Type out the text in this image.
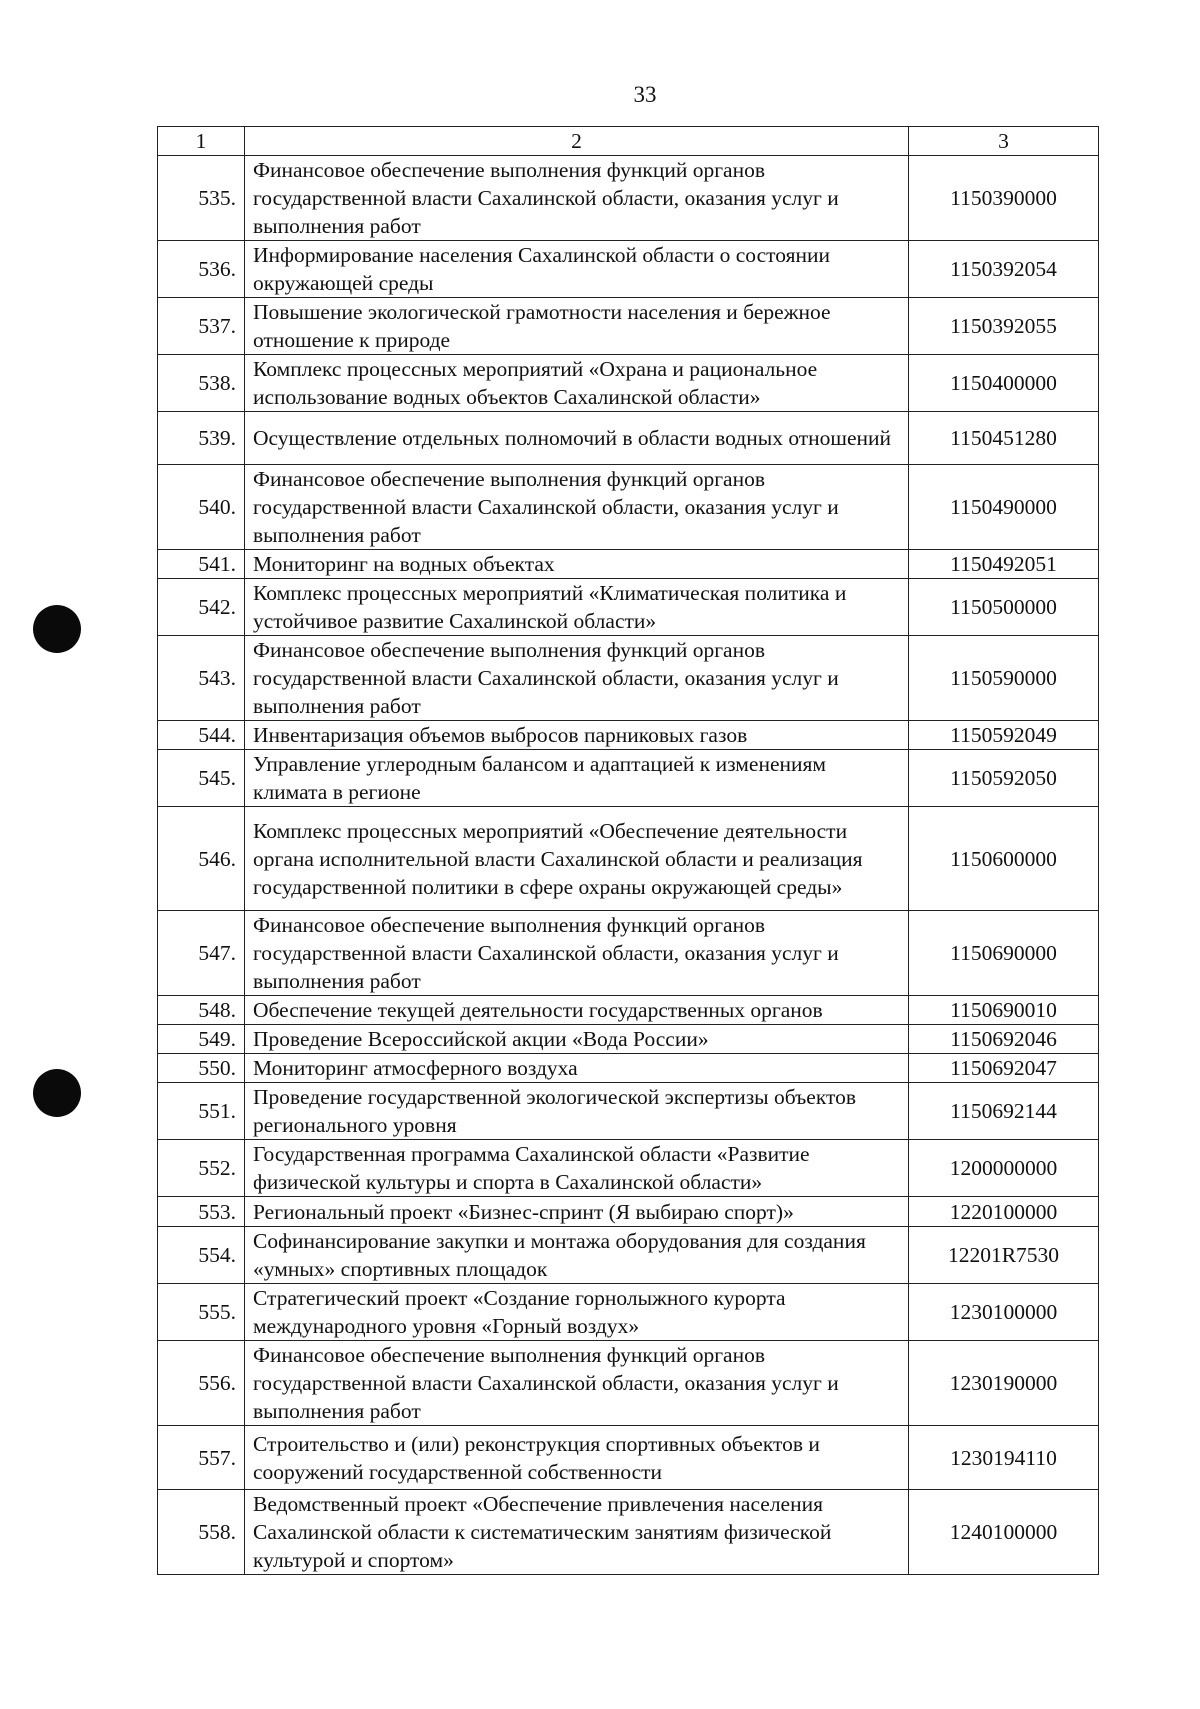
33
1	2	3
535.	Финансовое обеспечение выполнения функций органов государственной власти Сахалинской области, оказания услуг и выполнения работ	1150390000
536.	Информирование населения Сахалинской области о состоянии окружающей среды	1150392054
537.	Повышение экологической грамотности населения и бережное отношение к природе	1150392055
538.	Комплекс процессных мероприятий «Охрана и рациональное использование водных объектов Сахалинской области»	1150400000
539.	Осуществление отдельных полномочий в области водных отношений	1150451280
540.	Финансовое обеспечение выполнения функций органов государственной власти Сахалинской области, оказания услуг и выполнения работ	1150490000
541.	Мониторинг на водных объектах	1150492051
542.	Комплекс процессных мероприятий «Климатическая политика и устойчивое развитие Сахалинской области»	1150500000
543.	Финансовое обеспечение выполнения функций органов государственной власти Сахалинской области, оказания услуг и выполнения работ	1150590000
544.	Инвентаризация объемов выбросов парниковых газов	1150592049
545.	Управление углеродным балансом и адаптацией к изменениям климата в регионе	1150592050
546.	Комплекс процессных мероприятий «Обеспечение деятельности органа исполнительной власти Сахалинской области и реализация государственной политики в сфере охраны окружающей среды»	1150600000
547.	Финансовое обеспечение выполнения функций органов государственной власти Сахалинской области, оказания услуг и выполнения работ	1150690000
548.	Обеспечение текущей деятельности государственных органов	1150690010
549.	Проведение Всероссийской акции «Вода России»	1150692046
550.	Мониторинг атмосферного воздуха	1150692047
551.	Проведение государственной экологической экспертизы объектов регионального уровня	1150692144
552.	Государственная программа Сахалинской области «Развитие физической культуры и спорта в Сахалинской области»	1200000000
553.	Региональный проект «Бизнес-спринт (Я выбираю спорт)»	1220100000
554.	Софинансирование закупки и монтажа оборудования для создания «умных» спортивных площадок	12201R7530
555.	Стратегический проект «Создание горнолыжного курорта международного уровня «Горный воздух»	1230100000
556.	Финансовое обеспечение выполнения функций органов государственной власти Сахалинской области, оказания услуг и выполнения работ	1230190000
557.	Строительство и (или) реконструкция спортивных объектов и сооружений государственной собственности	1230194110
558.	Ведомственный проект «Обеспечение привлечения населения Сахалинской области к систематическим занятиям физической культурой и спортом»	1240100000
